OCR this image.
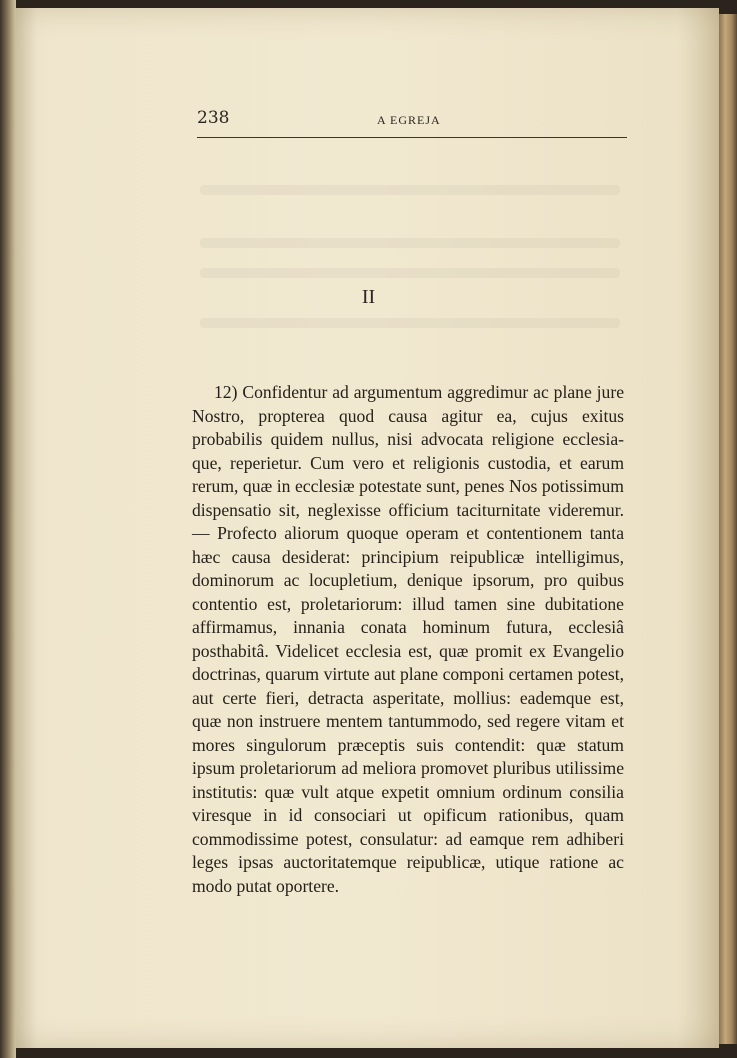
238	A EGREJA
II

12) Confidentur ad argumentum aggredimur ac plane jure Nostro, propterea quod causa agitur ea, cujus exitus probabilis quidem nullus, nisi advocata religione ecclesiaque, reperietur. Cum vero et religionis custodia, et earum rerum, quæ in ecclesiæ potestate sunt, penes Nos potissimum dispensatio sit, neglexisse officium taciturnitate videremur. — Profecto aliorum quoque operam et contentionem tanta hæc causa desiderat: principium reipublicæ intelligimus, dominorum ac locupletium, denique ipsorum, pro quibus contentio est, proletariorum: illud tamen sine dubitatione affirmamus, innania conata hominum futura, ecclesiâ posthabitâ. Videlicet ecclesia est, quæ promit ex Evangelio doctrinas, quarum virtute aut plane componi certamen potest, aut certe fieri, detracta asperitate, mollius: eademque est, quæ non instruere mentem tantummodo, sed regere vitam et mores singulorum præceptis suis contendit: quæ statum ipsum proletariorum ad meliora promovet pluribus utilissime institutis: quæ vult atque expetit omnium ordinum consilia viresque in id consociari ut opificum rationibus, quam commodissime potest, consulatur: ad eamque rem adhiberi leges ipsas auctoritatemque reipublicæ, utique ratione ac modo putat oportere.
